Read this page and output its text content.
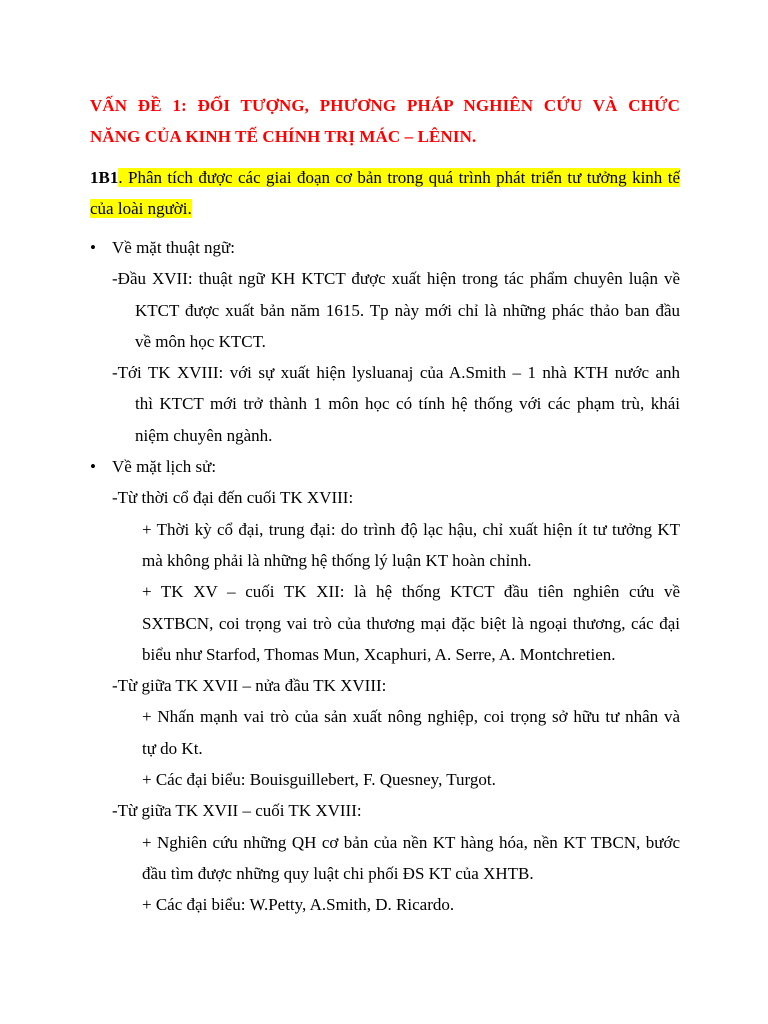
VẤN ĐỀ 1: ĐỐI TƯỢNG, PHƯƠNG PHÁP NGHIÊN CỨU VÀ CHỨC
NĂNG CỦA KINH TẾ CHÍNH TRỊ MÁC – LÊNIN.
1B1. Phân tích được các giai đoạn cơ bản trong quá trình phát triển tư tưởng kinh tế
của loài người.
• Về mặt thuật ngữ:
-Đầu XVII: thuật ngữ KH KTCT được xuất hiện trong tác phẩm chuyên luận về
KTCT được xuất bản năm 1615. Tp này mới chỉ là những phác thảo ban đầu
về môn học KTCT.
-Tới TK XVIII: với sự xuất hiện lysluanaj của A.Smith – 1 nhà KTH nước anh
thì KTCT mới trở thành 1 môn học có tính hệ thống với các phạm trù, khái
niệm chuyên ngành.
• Về mặt lịch sử:
-Từ thời cổ đại đến cuối TK XVIII:
+ Thời kỳ cổ đại, trung đại: do trình độ lạc hậu, chỉ xuất hiện ít tư tưởng KT
mà không phải là những hệ thống lý luận KT hoàn chỉnh.
+ TK XV – cuối TK XII: là hệ thống KTCT đầu tiên nghiên cứu về
SXTBCN, coi trọng vai trò của thương mại đặc biệt là ngoại thương, các đại
biểu như Starfod, Thomas Mun, Xcaphuri, A. Serre, A. Montchretien.
-Từ giữa TK XVII – nửa đầu TK XVIII:
+ Nhấn mạnh vai trò của sản xuất nông nghiệp, coi trọng sở hữu tư nhân và
tự do Kt.
+ Các đại biểu: Bouisguillebert, F. Quesney, Turgot.
-Từ giữa TK XVII – cuối TK XVIII:
+ Nghiên cứu những QH cơ bản của nền KT hàng hóa, nền KT TBCN, bước
đầu tìm được những quy luật chi phối ĐS KT của XHTB.
+ Các đại biểu: W.Petty, A.Smith, D. Ricardo.
